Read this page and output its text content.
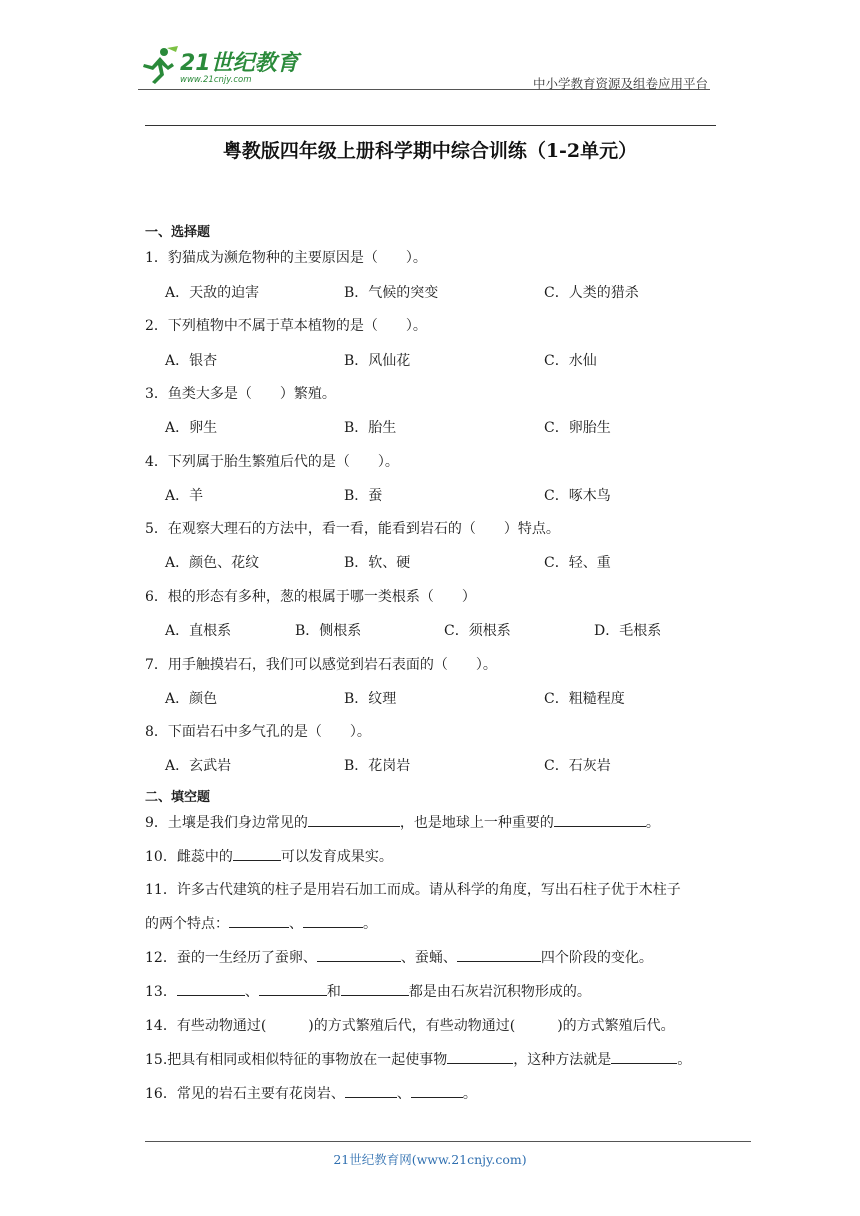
21世纪教育
www.21cnjy.com	中小学教育资源及组卷应用平台
粤教版四年级上册科学期中综合训练（1-2单元）
一、选择题
1．豹猫成为濒危物种的主要原因是（　　）。
A．天敌的迫害	B．气候的突变	C．人类的猎杀
2．下列植物中不属于草本植物的是（　　）。
A．银杏	B．风仙花	C．水仙
3．鱼类大多是（　　）繁殖。
A．卵生	B．胎生	C．卵胎生
4．下列属于胎生繁殖后代的是（　　）。
A．羊	B．蚕	C．啄木鸟
5．在观察大理石的方法中，看一看，能看到岩石的（　　）特点。
A．颜色、花纹	B．软、硬	C．轻、重
6．根的形态有多种，葱的根属于哪一类根系（　　）
A．直根系	B．侧根系	C．须根系	D．毛根系
7．用手触摸岩石，我们可以感觉到岩石表面的（　　）。
A．颜色	B．纹理	C．粗糙程度
8．下面岩石中多气孔的是（　　）。
A．玄武岩	B．花岗岩	C．石灰岩
二、填空题
9．土壤是我们身边常见的	，也是地球上一种重要的	。
10．雌蕊中的	可以发育成果实。
11．许多古代建筑的柱子是用岩石加工而成。请从科学的角度，写出石柱子优于木柱子
的两个特点：	、	。
12．蚕的一生经历了蚕卵、	、蚕蛹、	四个阶段的变化。
13．	、	和	都是由石灰岩沉积物形成的。
14．有些动物通过(	)的方式繁殖后代，有些动物通过(	)的方式繁殖后代。
15.把具有相同或相似特征的事物放在一起使事物	，这种方法就是	。
16．常见的岩石主要有花岗岩、	、	。
21世纪教育网(www.21cnjy.com)
